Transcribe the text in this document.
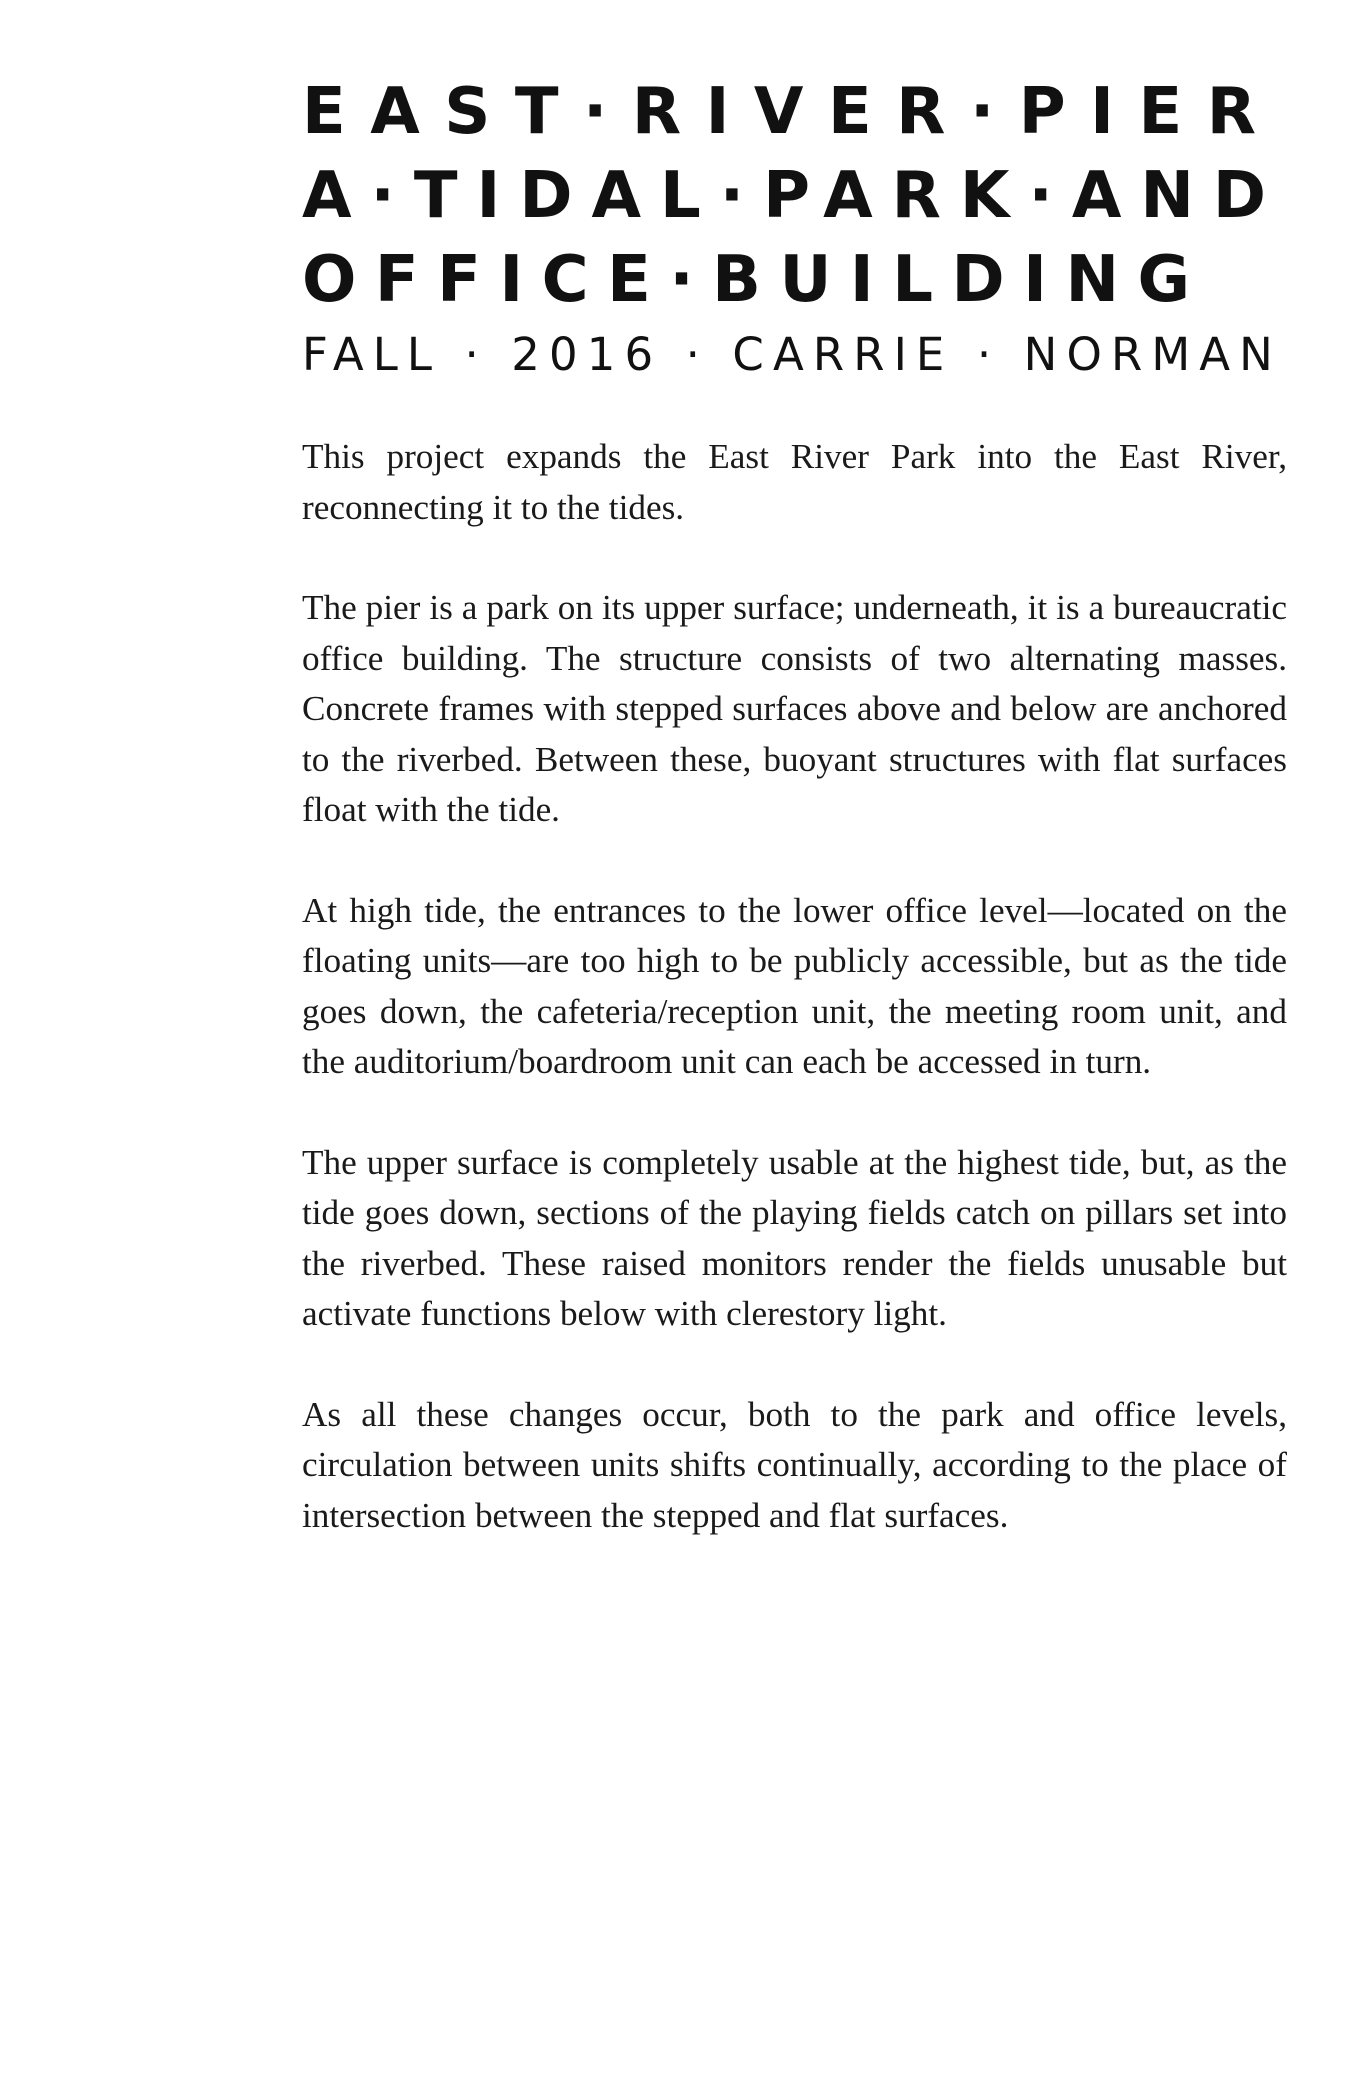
EAST·RIVER·PIER
A·TIDAL·PARK·AND
OFFICE·BUILDING
FALL · 2016 · CARRIE · NORMAN

This project expands the East River Park into the East River, reconnecting it to the tides.

The pier is a park on its upper surface; underneath, it is a bureaucratic office building. The structure consists of two alternating masses. Concrete frames with stepped surfaces above and below are anchored to the riverbed. Between these, buoyant structures with flat surfaces float with the tide.

At high tide, the entrances to the lower office level—located on the floating units—are too high to be publicly accessible, but as the tide goes down, the cafeteria/reception unit, the meeting room unit, and the auditorium/boardroom unit can each be accessed in turn.

The upper surface is completely usable at the highest tide, but, as the tide goes down, sections of the playing fields catch on pillars set into the riverbed. These raised monitors render the fields unusable but activate functions below with clerestory light.

As all these changes occur, both to the park and office levels, circulation between units shifts continually, according to the place of intersection between the stepped and flat surfaces.
